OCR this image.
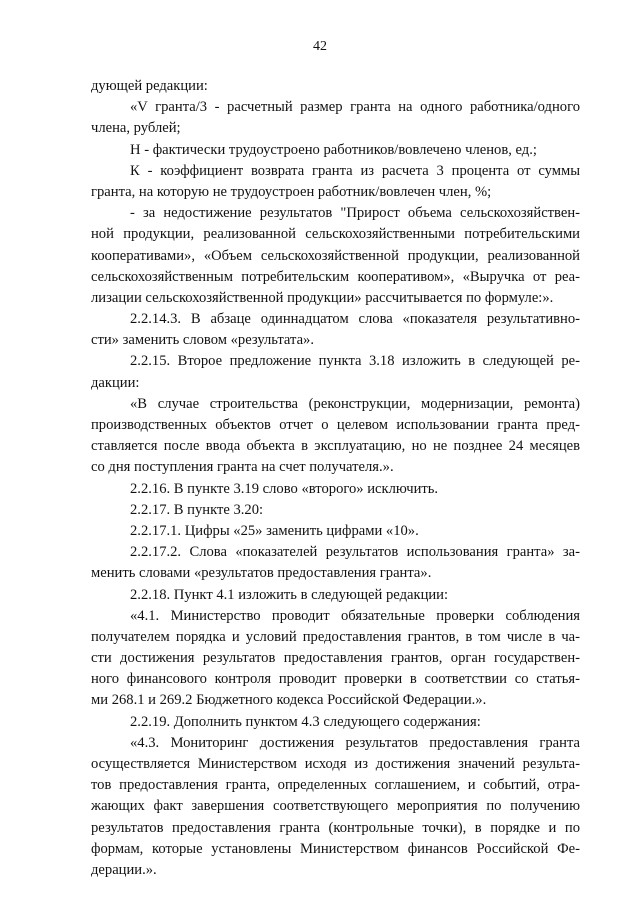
42
дующей редакции:
«V гранта/3 - расчетный размер гранта на одного работника/одного
члена, рублей;
Н - фактически трудоустроено работников/вовлечено членов, ед.;
К - коэффициент возврата гранта из расчета 3 процента от суммы
гранта, на которую не трудоустроен работник/вовлечен член, %;
- за недостижение результатов "Прирост объема сельскохозяйствен-
ной продукции, реализованной сельскохозяйственными потребительскими
кооперативами», «Объем сельскохозяйственной продукции, реализованной
сельскохозяйственным потребительским кооперативом», «Выручка от реа-
лизации сельскохозяйственной продукции» рассчитывается по формуле:».
2.2.14.3. В абзаце одиннадцатом слова «показателя результативно-
сти» заменить словом «результата».
2.2.15. Второе предложение пункта 3.18 изложить в следующей ре-
дакции:
«В случае строительства (реконструкции, модернизации, ремонта)
производственных объектов отчет о целевом использовании гранта пред-
ставляется после ввода объекта в эксплуатацию, но не позднее 24 месяцев
со дня поступления гранта на счет получателя.».
2.2.16. В пункте 3.19 слово «второго» исключить.
2.2.17. В пункте 3.20:
2.2.17.1. Цифры «25» заменить цифрами «10».
2.2.17.2. Слова «показателей результатов использования гранта» за-
менить словами «результатов предоставления гранта».
2.2.18. Пункт 4.1 изложить в следующей редакции:
«4.1. Министерство проводит обязательные проверки соблюдения
получателем порядка и условий предоставления грантов, в том числе в ча-
сти достижения результатов предоставления грантов, орган государствен-
ного финансового контроля проводит проверки в соответствии со статья-
ми 268.1 и 269.2 Бюджетного кодекса Российской Федерации.».
2.2.19. Дополнить пунктом 4.3 следующего содержания:
«4.3. Мониторинг достижения результатов предоставления гранта
осуществляется Министерством исходя из достижения значений результа-
тов предоставления гранта, определенных соглашением, и событий, отра-
жающих факт завершения соответствующего мероприятия по получению
результатов предоставления гранта (контрольные точки), в порядке и по
формам, которые установлены Министерством финансов Российской Фе-
дерации.».
